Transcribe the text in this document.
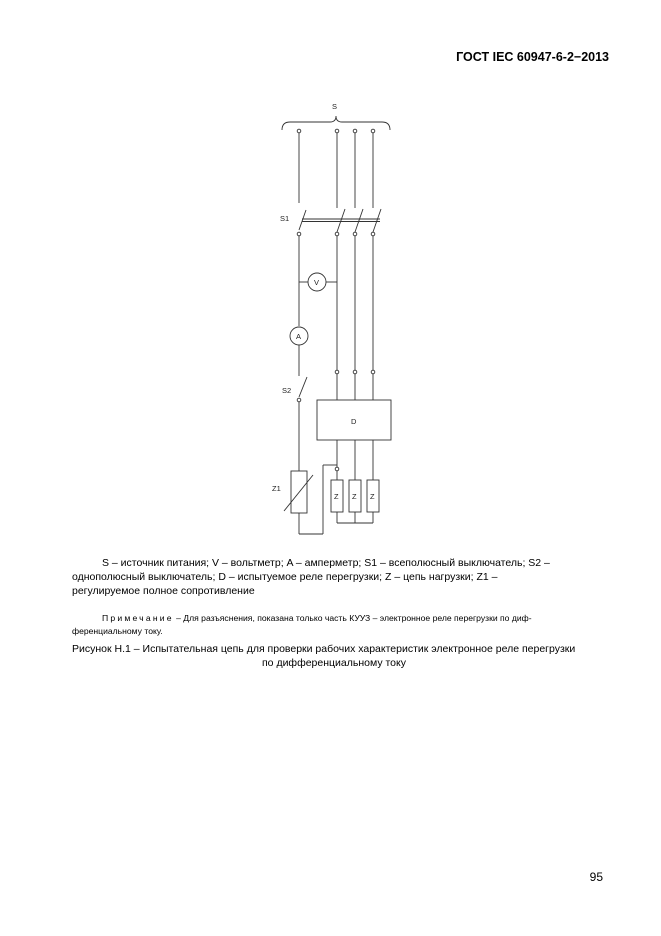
ГОСТ IEC 60947-6-2−2013
S
S1
S2
V
A
D
Z1
Z Z Z
S – источник питания; V – вольтметр; A – амперметр; S1 – всеполюсный выключатель; S2 –
однополюсный выключатель; D – испытуемое реле перегрузки; Z – цепь нагрузки; Z1 –
регулируемое полное сопротивление
Примечание – Для разъяснения, показана только часть КУУЗ – электронное реле перегрузки по диф-
ференциальному току.
Рисунок Н.1 – Испытательная цепь для проверки рабочих характеристик электронное реле перегрузки
по дифференциальному току
95
